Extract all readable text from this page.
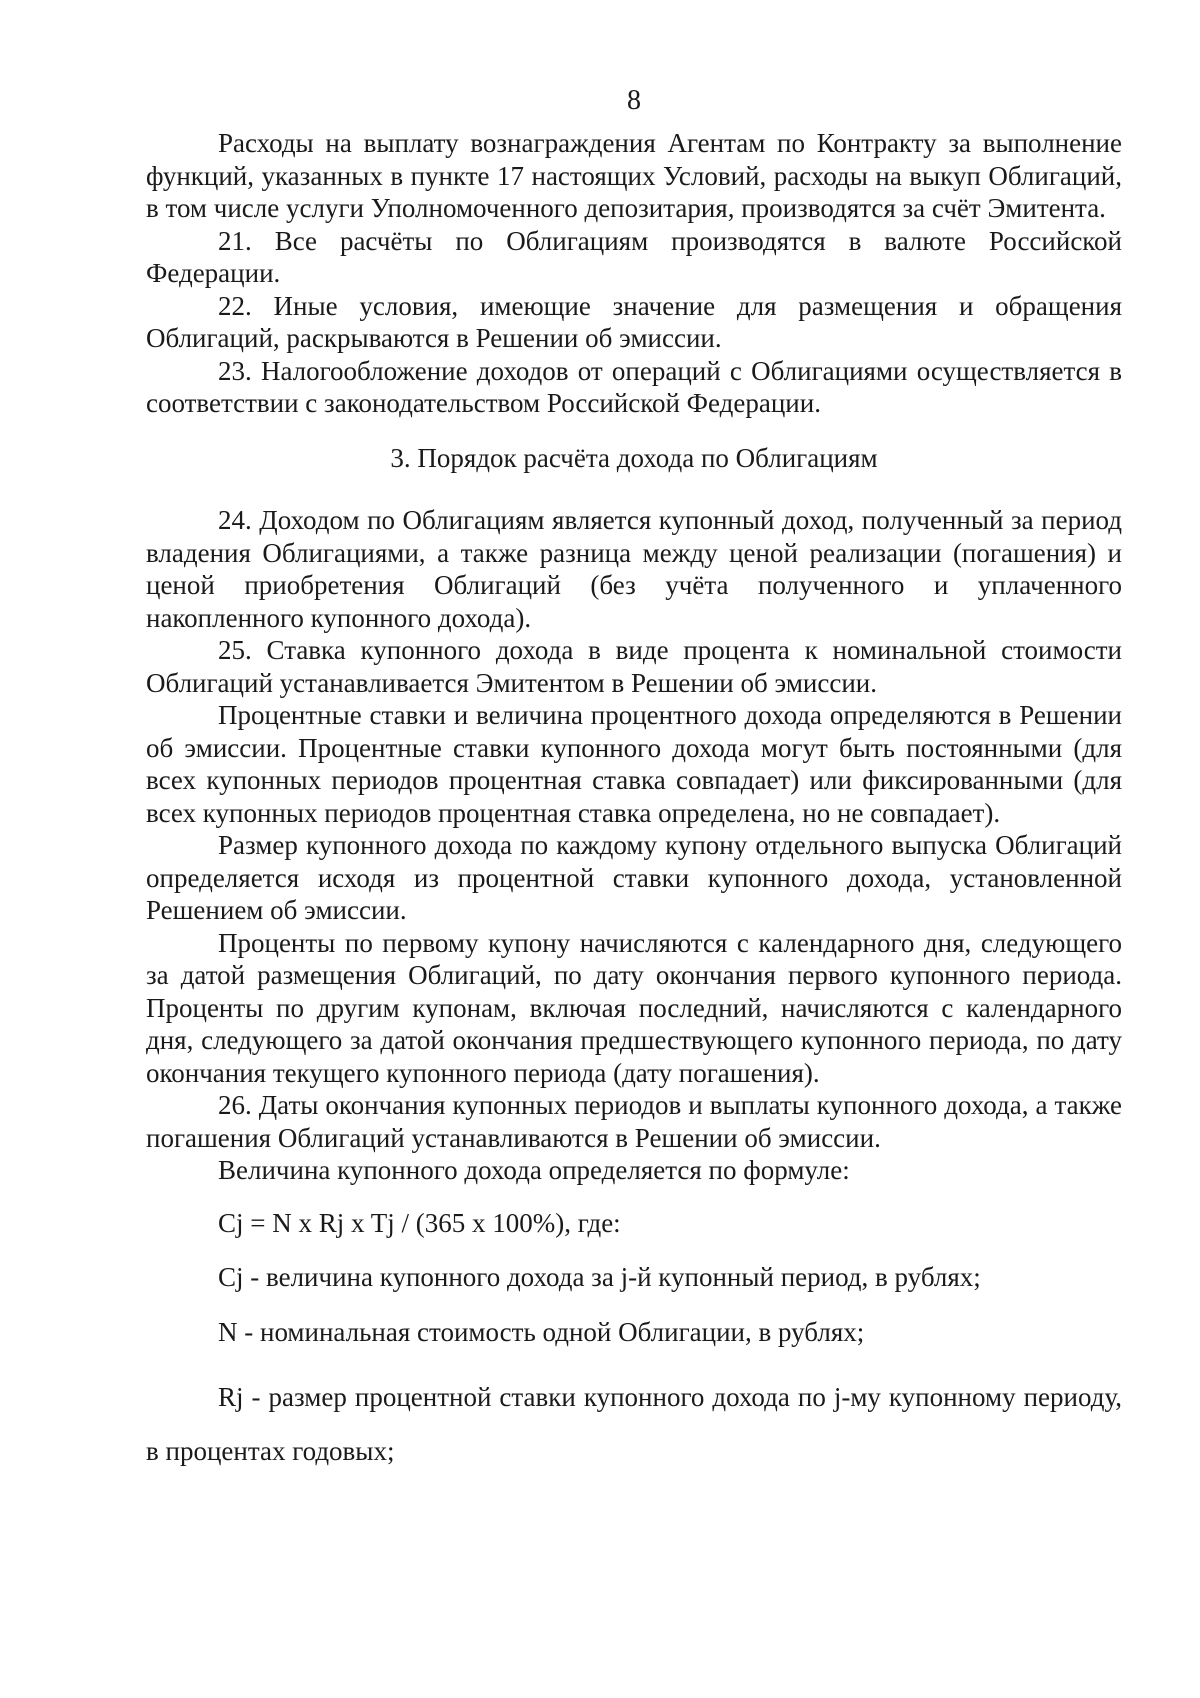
8

Расходы на выплату вознаграждения Агентам по Контракту за выполнение функций, указанных в пункте 17 настоящих Условий, расходы на выкуп Облигаций, в том числе услуги Уполномоченного депозитария, производятся за счёт Эмитента.

21. Все расчёты по Облигациям производятся в валюте Российской Федерации.

22. Иные условия, имеющие значение для размещения и обращения Облигаций, раскрываются в Решении об эмиссии.

23. Налогообложение доходов от операций с Облигациями осуществляется в соответствии с законодательством Российской Федерации.

3. Порядок расчёта дохода по Облигациям

24. Доходом по Облигациям является купонный доход, полученный за период владения Облигациями, а также разница между ценой реализации (погашения) и ценой приобретения Облигаций (без учёта полученного и уплаченного накопленного купонного дохода).

25. Ставка купонного дохода в виде процента к номинальной стоимости Облигаций устанавливается Эмитентом в Решении об эмиссии.

Процентные ставки и величина процентного дохода определяются в Решении об эмиссии. Процентные ставки купонного дохода могут быть постоянными (для всех купонных периодов процентная ставка совпадает) или фиксированными (для всех купонных периодов процентная ставка определена, но не совпадает).

Размер купонного дохода по каждому купону отдельного выпуска Облигаций определяется исходя из процентной ставки купонного дохода, установленной Решением об эмиссии.

Проценты по первому купону начисляются с календарного дня, следующего за датой размещения Облигаций, по дату окончания первого купонного периода. Проценты по другим купонам, включая последний, начисляются с календарного дня, следующего за датой окончания предшествующего купонного периода, по дату окончания текущего купонного периода (дату погашения).

26. Даты окончания купонных периодов и выплаты купонного дохода, а также погашения Облигаций устанавливаются в Решении об эмиссии.

Величина купонного дохода определяется по формуле:

Cj = N x Rj x Tj / (365 x 100%), где:

Cj - величина купонного дохода за j-й купонный период, в рублях;

N - номинальная стоимость одной Облигации, в рублях;

Rj - размер процентной ставки купонного дохода по j-му купонному периоду, в процентах годовых;
